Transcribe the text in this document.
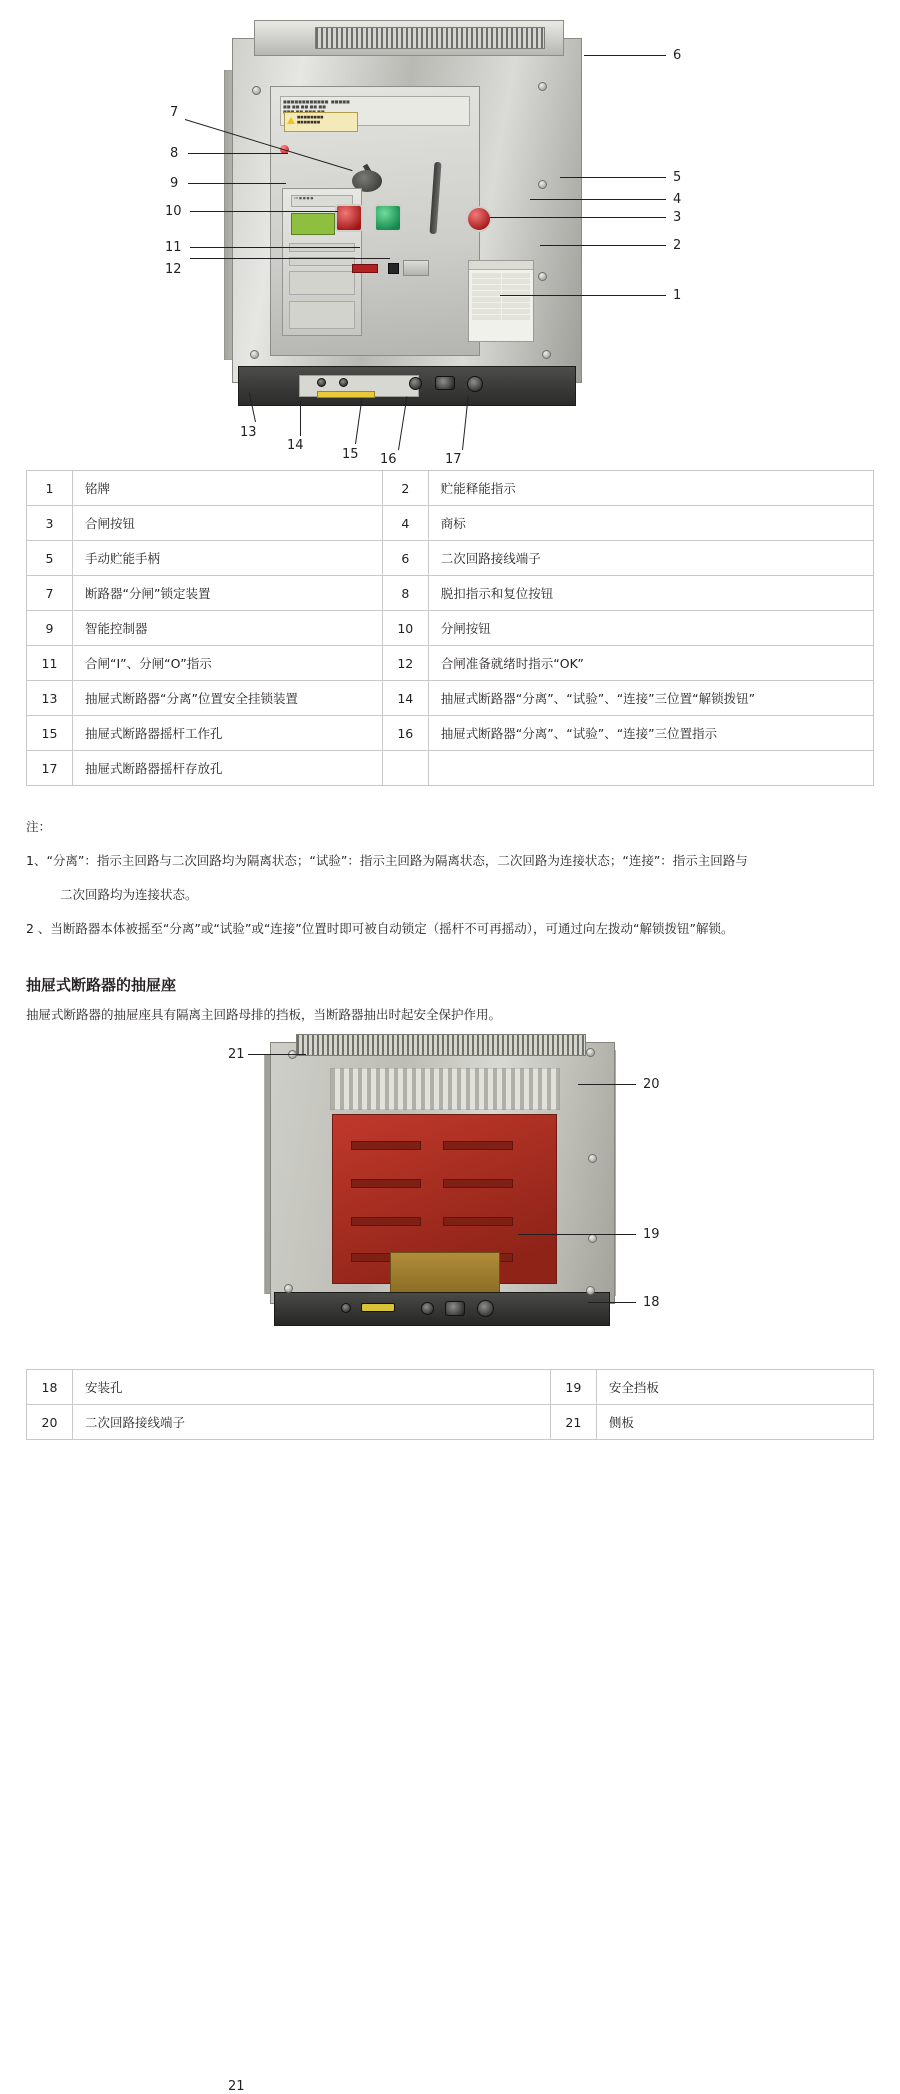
■■■■■■■■■■■■  ■■■■■
■■ ■■ ■■ ■■ ■■

■■■■■■■■
■■■■■■■
CB ■ ■ ■ ■
6
5
4
3
2
1
7
8
9
10
11
12
13
14
15 16	17
1	铭牌	2	贮能释能指示
3	合闸按钮	4	商标
5	手动贮能手柄	6	二次回路接线端子
7	断路器“分闸”锁定装置	8	脱扣指示和复位按钮
9	智能控制器	10	分闸按钮
11	合闸“I”、分闸“O”指示	12	合闸准备就绪时指示“OK”
13	抽屉式断路器“分离”位置安全挂锁装置	14	抽屉式断路器“分离”、“试验”、“连接”三位置“解锁拨钮”
15	抽屉式断路器摇杆工作孔	16	抽屉式断路器“分离”、“试验”、“连接”三位置指示
17	抽屉式断路器摇杆存放孔		
注：
1、“分离”：指示主回路与二次回路均为隔离状态；“试验”：指示主回路为隔离状态，二次回路为连接状态；“连接”：指示主回路与
二次回路均为连接状态。
2 、当断路器本体被摇至“分离”或“试验”或“连接”位置时即可被自动锁定（摇杆不可再摇动），可通过向左拨动“解锁拨钮”解锁。
抽屉式断路器的抽屉座
抽屉式断路器的抽屉座具有隔离主回路母排的挡板，当断路器抽出时起安全保护作用。
21
21
20
19
18
18	安装孔	19	安全挡板
20	二次回路接线端子	21	侧板
